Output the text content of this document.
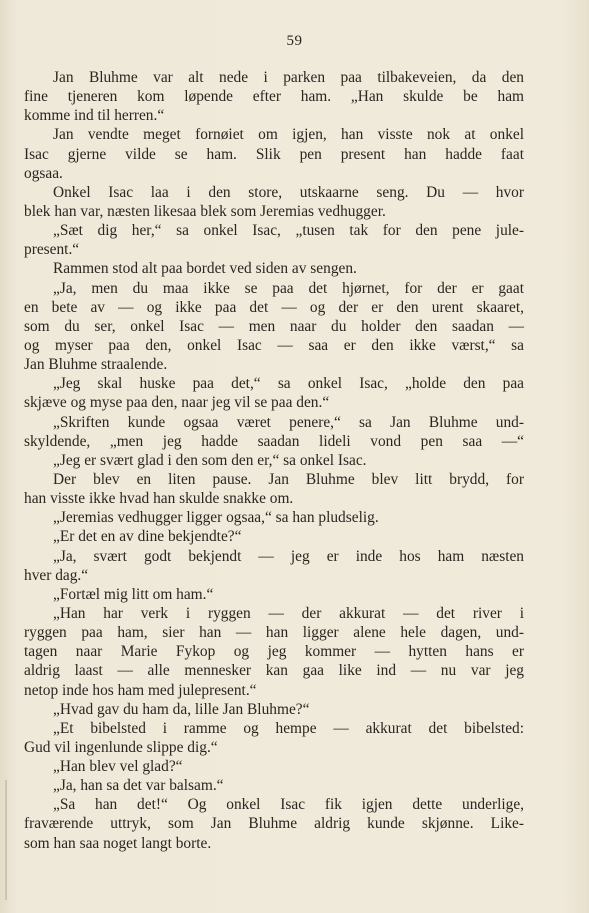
59
Jan Bluhme var alt nede i parken paa tilbakeveien, da den
fine tjeneren kom løpende efter ham. „Han skulde be ham
komme ind til herren.“
Jan vendte meget fornøiet om igjen, han visste nok at onkel
Isac gjerne vilde se ham. Slik pen present han hadde faat
ogsaa.
Onkel Isac laa i den store, utskaarne seng. Du — hvor
blek han var, næsten likesaa blek som Jeremias vedhugger.
„Sæt dig her,“ sa onkel Isac, „tusen tak for den pene jule-
present.“
Rammen stod alt paa bordet ved siden av sengen.
„Ja, men du maa ikke se paa det hjørnet, for der er gaat
en bete av — og ikke paa det — og der er den urent skaaret,
som du ser, onkel Isac — men naar du holder den saadan —
og myser paa den, onkel Isac — saa er den ikke værst,“ sa
Jan Bluhme straalende.
„Jeg skal huske paa det,“ sa onkel Isac, „holde den paa
skjæve og myse paa den, naar jeg vil se paa den.“
„Skriften kunde ogsaa været penere,“ sa Jan Bluhme und-
skyldende, „men jeg hadde saadan lideli vond pen saa —“
„Jeg er svært glad i den som den er,“ sa onkel Isac.
Der blev en liten pause. Jan Bluhme blev litt brydd, for
han visste ikke hvad han skulde snakke om.
„Jeremias vedhugger ligger ogsaa,“ sa han pludselig.
„Er det en av dine bekjendte?“
„Ja, svært godt bekjendt — jeg er inde hos ham næsten
hver dag.“
„Fortæl mig litt om ham.“
„Han har verk i ryggen — der akkurat — det river i
ryggen paa ham, sier han — han ligger alene hele dagen, und-
tagen naar Marie Fykop og jeg kommer — hytten hans er
aldrig laast — alle mennesker kan gaa like ind — nu var jeg
netop inde hos ham med julepresent.“
„Hvad gav du ham da, lille Jan Bluhme?“
„Et bibelsted i ramme og hempe — akkurat det bibelsted:
Gud vil ingenlunde slippe dig.“
„Han blev vel glad?“
„Ja, han sa det var balsam.“
„Sa han det!“ Og onkel Isac fik igjen dette underlige,
fraværende uttryk, som Jan Bluhme aldrig kunde skjønne. Like-
som han saa noget langt borte.
